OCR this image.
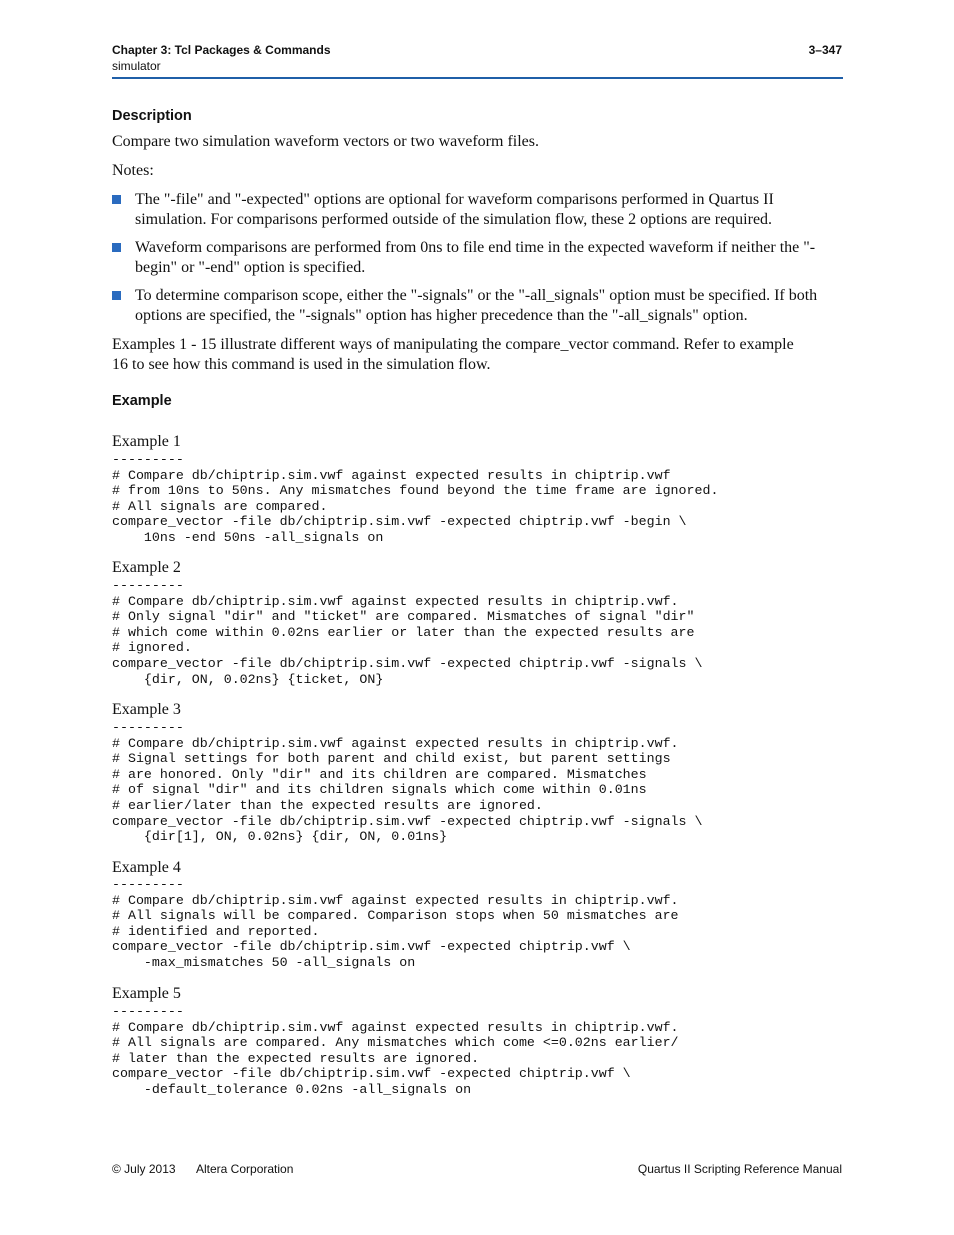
Chapter 3: Tcl Packages & Commands
simulator
3–347
Description
Compare two simulation waveform vectors or two waveform files.
Notes:
The "-file" and "-expected" options are optional for waveform comparisons performed in Quartus II simulation. For comparisons performed outside of the simulation flow, these 2 options are required.
Waveform comparisons are performed from 0ns to file end time in the expected waveform if neither the "-begin" or "-end" option is specified.
To determine comparison scope, either the "-signals" or the "-all_signals" option must be specified. If both options are specified, the "-signals" option has higher precedence than the "-all_signals" option.
Examples 1 - 15 illustrate different ways of manipulating the compare_vector command. Refer to example 16 to see how this command is used in the simulation flow.
Example
Example 1
---------
# Compare db/chiptrip.sim.vwf against expected results in chiptrip.vwf
# from 10ns to 50ns. Any mismatches found beyond the time frame are ignored.
# All signals are compared.
compare_vector -file db/chiptrip.sim.vwf -expected chiptrip.vwf -begin \
10ns -end 50ns -all_signals on
Example 2
---------
# Compare db/chiptrip.sim.vwf against expected results in chiptrip.vwf.
# Only signal "dir" and "ticket" are compared. Mismatches of signal "dir"
# which come within 0.02ns earlier or later than the expected results are
# ignored.
compare_vector -file db/chiptrip.sim.vwf -expected chiptrip.vwf -signals \
{dir, ON, 0.02ns} {ticket, ON}
Example 3
---------
# Compare db/chiptrip.sim.vwf against expected results in chiptrip.vwf.
# Signal settings for both parent and child exist, but parent settings
# are honored. Only "dir" and its children are compared. Mismatches
# of signal "dir" and its children signals which come within 0.01ns
# earlier/later than the expected results are ignored.
compare_vector -file db/chiptrip.sim.vwf -expected chiptrip.vwf -signals \
{dir[1], ON, 0.02ns} {dir, ON, 0.01ns}
Example 4
---------
# Compare db/chiptrip.sim.vwf against expected results in chiptrip.vwf.
# All signals will be compared. Comparison stops when 50 mismatches are
# identified and reported.
compare_vector -file db/chiptrip.sim.vwf -expected chiptrip.vwf \
-max_mismatches 50 -all_signals on
Example 5
---------
# Compare db/chiptrip.sim.vwf against expected results in chiptrip.vwf.
# All signals are compared. Any mismatches which come <=0.02ns earlier/
# later than the expected results are ignored.
compare_vector -file db/chiptrip.sim.vwf -expected chiptrip.vwf \
-default_tolerance 0.02ns -all_signals on
© July 2013 Altera Corporation	Quartus II Scripting Reference Manual
